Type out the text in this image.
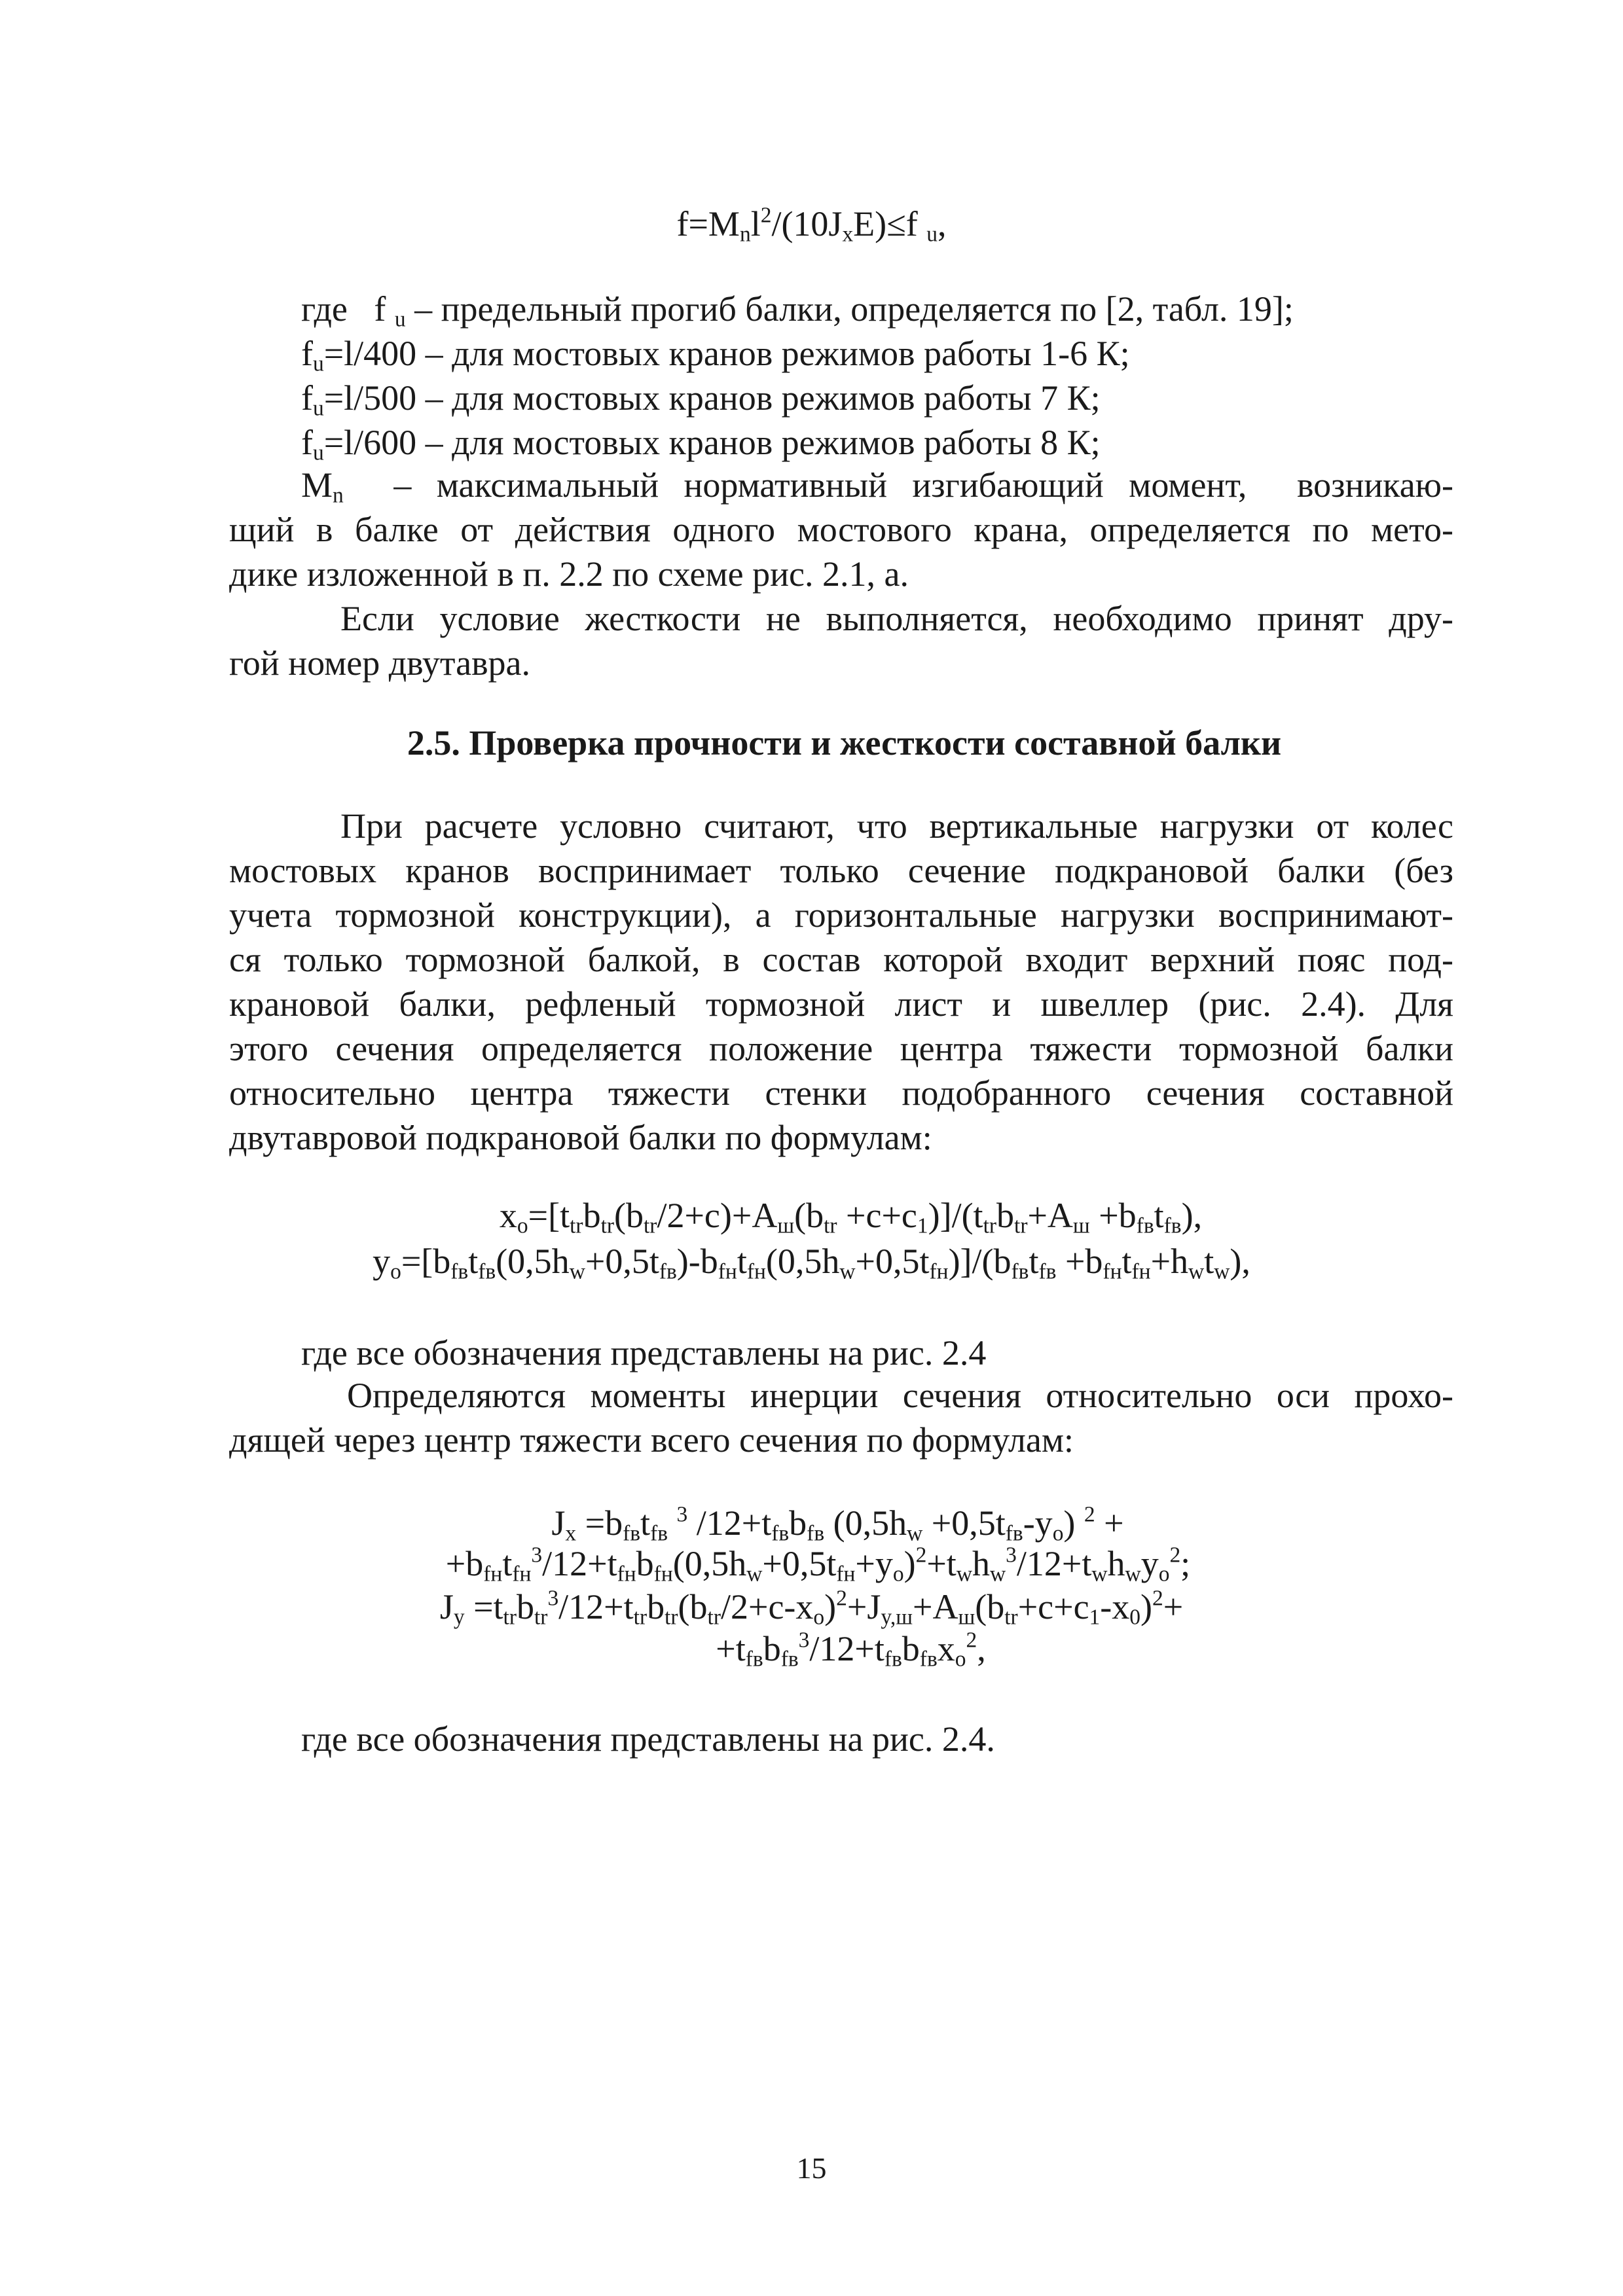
$f=M_nl^2/(10J_xE)\le f$ $_u$,
где   f $_u$ – предельный прогиб балки, определяется по [2, табл. 19];
$f_u=l/400$ – для мостовых кранов режимов работы 1-6 К;
$f_u=l/500$ – для мостовых кранов режимов работы 7 К;
$f_u=l/600$ – для мостовых кранов режимов работы 8 К;
$M_n$  – максимальный нормативный изгибающий момент,  возникаю-
щий в балке от действия одного мостового крана, определяется по мето-
дике изложенной в п. 2.2 по схеме рис. 2.1, а.
Если условие жесткости не выполняется, необходимо принят дру-
гой номер двутавра.
2.5. Проверка прочности и жесткости составной балки
При расчете условно считают, что вертикальные нагрузки от колес
мостовых кранов воспринимает только сечение подкрановой балки (без
учета тормозной конструкции), а горизонтальные нагрузки воспринимают-
ся только тормозной балкой, в состав которой входит верхний пояс под-
крановой балки, рефленый тормозной лист и швеллер (рис. 2.4). Для
этого сечения определяется положение центра тяжести тормозной балки
относительно центра тяжести стенки подобранного сечения составной
двутавровой подкрановой балки по формулам:
$x_o=[t_{tr}b_{tr}(b_{tr}/2+c)+A_ш(b_{tr} +c+c_1)]/(t_{tr}b_{tr}+A_ш +b_{fв}t_{fв})$,
$y_o=[b_{fв}t_{fв}(0,5h_w+0,5t_{fв})-b_{fн}t_{fн}(0,5h_w+0,5t_{fн})]/(b_{fв}t_{fв} +b_{fн}t_{fн}+h_wt_w)$,
где все обозначения представлены на рис. 2.4
Определяются моменты инерции сечения относительно оси прохо-
дящей через центр тяжести всего сечения по формулам:
$J_x =b_{fв}t_{fв}$ $^3$ $/12+t_{fв}b_{fв}$ $(0,5h_w +0,5t_{fв}-y_o) ^2$ +
$+b_{fн}t_{fн}^3/12+t_{fн}b_{fн}(0,5h_w+0,5t_{fн}+y_o)^2+t_wh_w^3/12+t_wh_wy_o^2$;
$J_y =t_{tr}b_{tr}^3/12+t_{tr}b_{tr}(b_{tr}/2+c-x_o)^2+J_{y,ш}+A_ш(b_{tr}+c+c_1-x_0)^2+$
$+t_{fв}b_{fв}^3/12+t_{fв}b_{fв}x_o^2$,
где все обозначения представлены на рис. 2.4.
15
